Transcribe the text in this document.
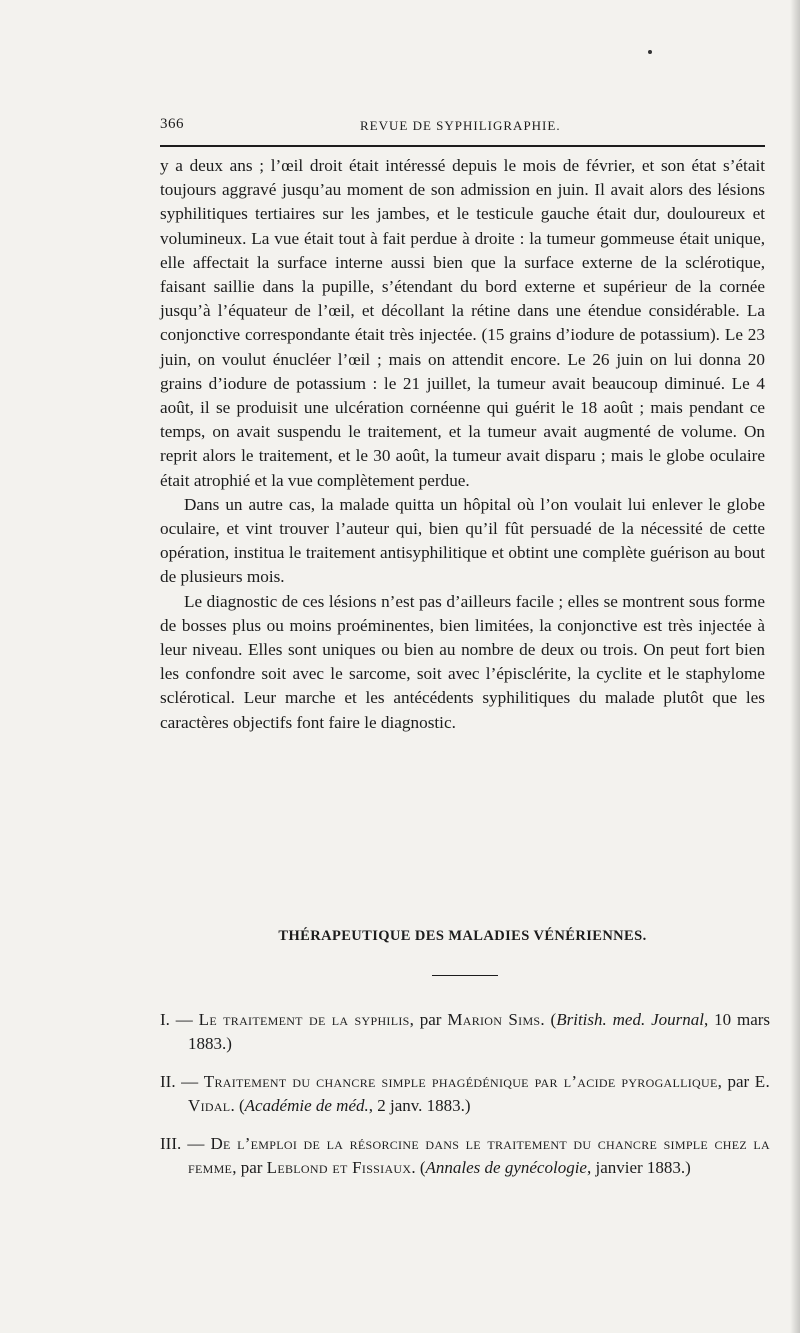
366	REVUE DE SYPHILIGRAPHIE.

y a deux ans ; l’œil droit était intéressé depuis le mois de février, et son état s’était toujours aggravé jusqu’au moment de son admission en juin. Il avait alors des lésions syphilitiques tertiaires sur les jambes, et le testicule gauche était dur, douloureux et volumineux. La vue était tout à fait perdue à droite : la tumeur gommeuse était unique, elle affectait la surface interne aussi bien que la surface externe de la sclérotique, faisant saillie dans la pupille, s’étendant du bord externe et supérieur de la cornée jusqu’à l’équateur de l’œil, et décollant la rétine dans une étendue considérable. La conjonctive correspondante était très injectée. (15 grains d’iodure de potassium). Le 23 juin, on voulut énucléer l’œil ; mais on attendit encore. Le 26 juin on lui donna 20 grains d’iodure de potassium : le 21 juillet, la tumeur avait beaucoup diminué. Le 4 août, il se produisit une ulcération cornéenne qui guérit le 18 août ; mais pendant ce temps, on avait suspendu le traitement, et la tumeur avait augmenté de volume. On reprit alors le traitement, et le 30 août, la tumeur avait disparu ; mais le globe oculaire était atrophié et la vue complètement perdue.

Dans un autre cas, la malade quitta un hôpital où l’on voulait lui enlever le globe oculaire, et vint trouver l’auteur qui, bien qu’il fût persuadé de la nécessité de cette opération, institua le traitement antisyphilitique et obtint une complète guérison au bout de plusieurs mois.

Le diagnostic de ces lésions n’est pas d’ailleurs facile ; elles se montrent sous forme de bosses plus ou moins proéminentes, bien limitées, la conjonctive est très injectée à leur niveau. Elles sont uniques ou bien au nombre de deux ou trois. On peut fort bien les confondre soit avec le sarcome, soit avec l’épisclérite, la cyclite et le staphylome sclérotical. Leur marche et les antécédents syphilitiques du malade plutôt que les caractères objectifs font faire le diagnostic.

THÉRAPEUTIQUE DES MALADIES VÉNÉRIENNES.

I. — Le traitement de la syphilis, par Marion Sims. (British. med. Journal, 10 mars 1883.)

II. — Traitement du chancre simple phagédénique par l’acide pyrogallique, par E. Vidal. (Académie de méd., 2 janv. 1883.)

III. — De l’emploi de la résorcine dans le traitement du chancre simple chez la femme, par Leblond et Fissiaux. (Annales de gynécologie, janvier 1883.)
